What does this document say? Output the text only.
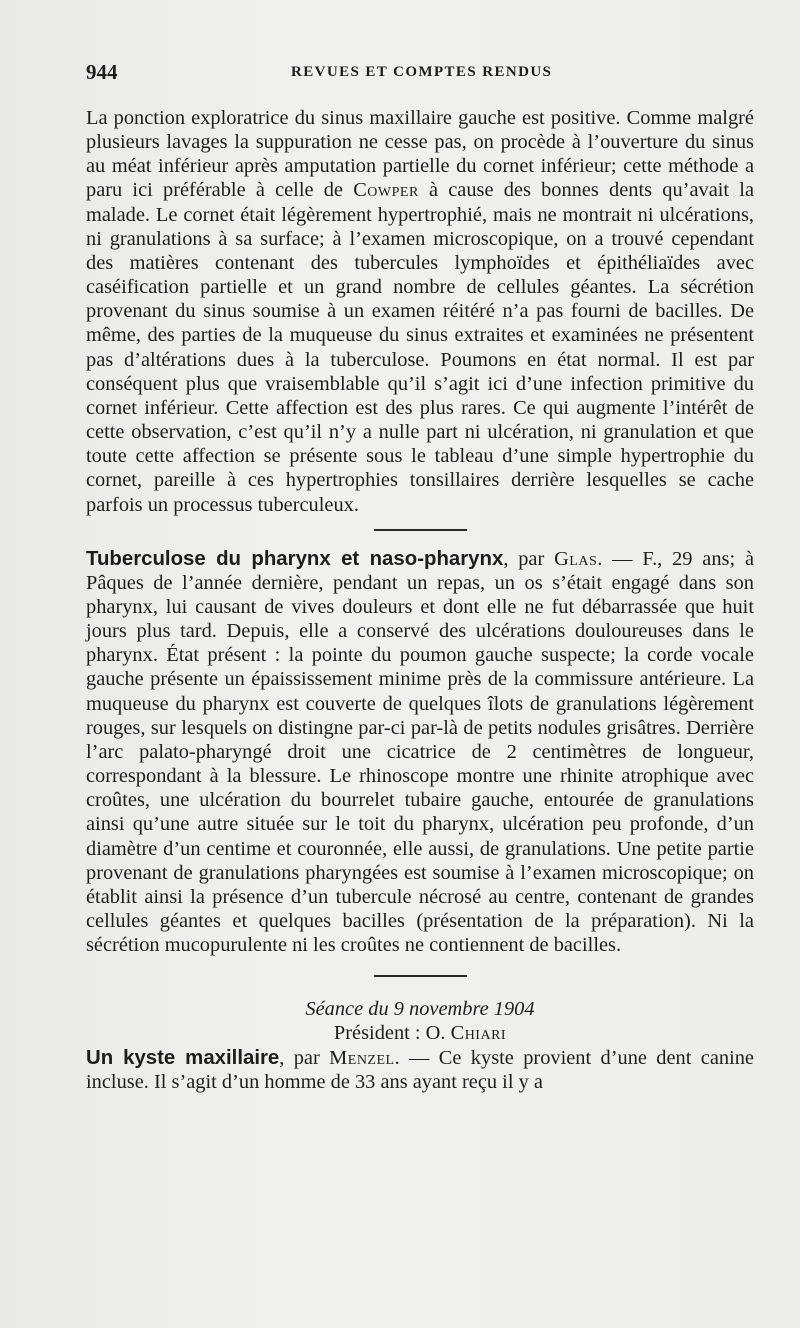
944	REVUES ET COMPTES RENDUS

La ponction exploratrice du sinus maxillaire gauche est positive. Comme malgré plusieurs lavages la suppuration ne cesse pas, on procède à l’ouverture du sinus au méat inférieur après amputation partielle du cornet inférieur; cette méthode a paru ici préférable à celle de Cowper à cause des bonnes dents qu’avait la malade. Le cornet était légèrement hypertrophié, mais ne montrait ni ulcérations, ni granulations à sa surface; à l’examen microscopique, on a trouvé cependant des matières contenant des tubercules lymphoïdes et épithéliaïdes avec caséification partielle et un grand nombre de cellules géantes. La sécrétion provenant du sinus soumise à un examen réitéré n’a pas fourni de bacilles. De même, des parties de la muqueuse du sinus extraites et examinées ne présentent pas d’altérations dues à la tuberculose. Poumons en état normal. Il est par conséquent plus que vraisemblable qu’il s’agit ici d’une infection primitive du cornet inférieur. Cette affection est des plus rares. Ce qui augmente l’intérêt de cette observation, c’est qu’il n’y a nulle part ni ulcération, ni granulation et que toute cette affection se présente sous le tableau d’une simple hypertrophie du cornet, pareille à ces hypertrophies tonsillaires derrière lesquelles se cache parfois un processus tuberculeux.

Tuberculose du pharynx et naso-pharynx, par Glas. — F., 29 ans; à Pâques de l’année dernière, pendant un repas, un os s’était engagé dans son pharynx, lui causant de vives douleurs et dont elle ne fut débarrassée que huit jours plus tard. Depuis, elle a conservé des ulcérations douloureuses dans le pharynx. État présent : la pointe du poumon gauche suspecte; la corde vocale gauche présente un épaississement minime près de la commissure antérieure. La muqueuse du pharynx est couverte de quelques îlots de granulations légèrement rouges, sur lesquels on distingne par-ci par-là de petits nodules grisâtres. Derrière l’arc palato-pharyngé droit une cicatrice de 2 centimètres de longueur, correspondant à la blessure. Le rhinoscope montre une rhinite atrophique avec croûtes, une ulcération du bourrelet tubaire gauche, entourée de granulations ainsi qu’une autre située sur le toit du pharynx, ulcération peu profonde, d’un diamètre d’un centime et couronnée, elle aussi, de granulations. Une petite partie provenant de granulations pharyngées est soumise à l’examen microscopique; on établit ainsi la présence d’un tubercule nécrosé au centre, contenant de grandes cellules géantes et quelques bacilles (présentation de la préparation). Ni la sécrétion mucopurulente ni les croûtes ne contiennent de bacilles.

Séance du 9 novembre 1904

Président : O. Chiari

Un kyste maxillaire, par Menzel. — Ce kyste provient d’une dent canine incluse. Il s’agit d’un homme de 33 ans ayant reçu il y a
